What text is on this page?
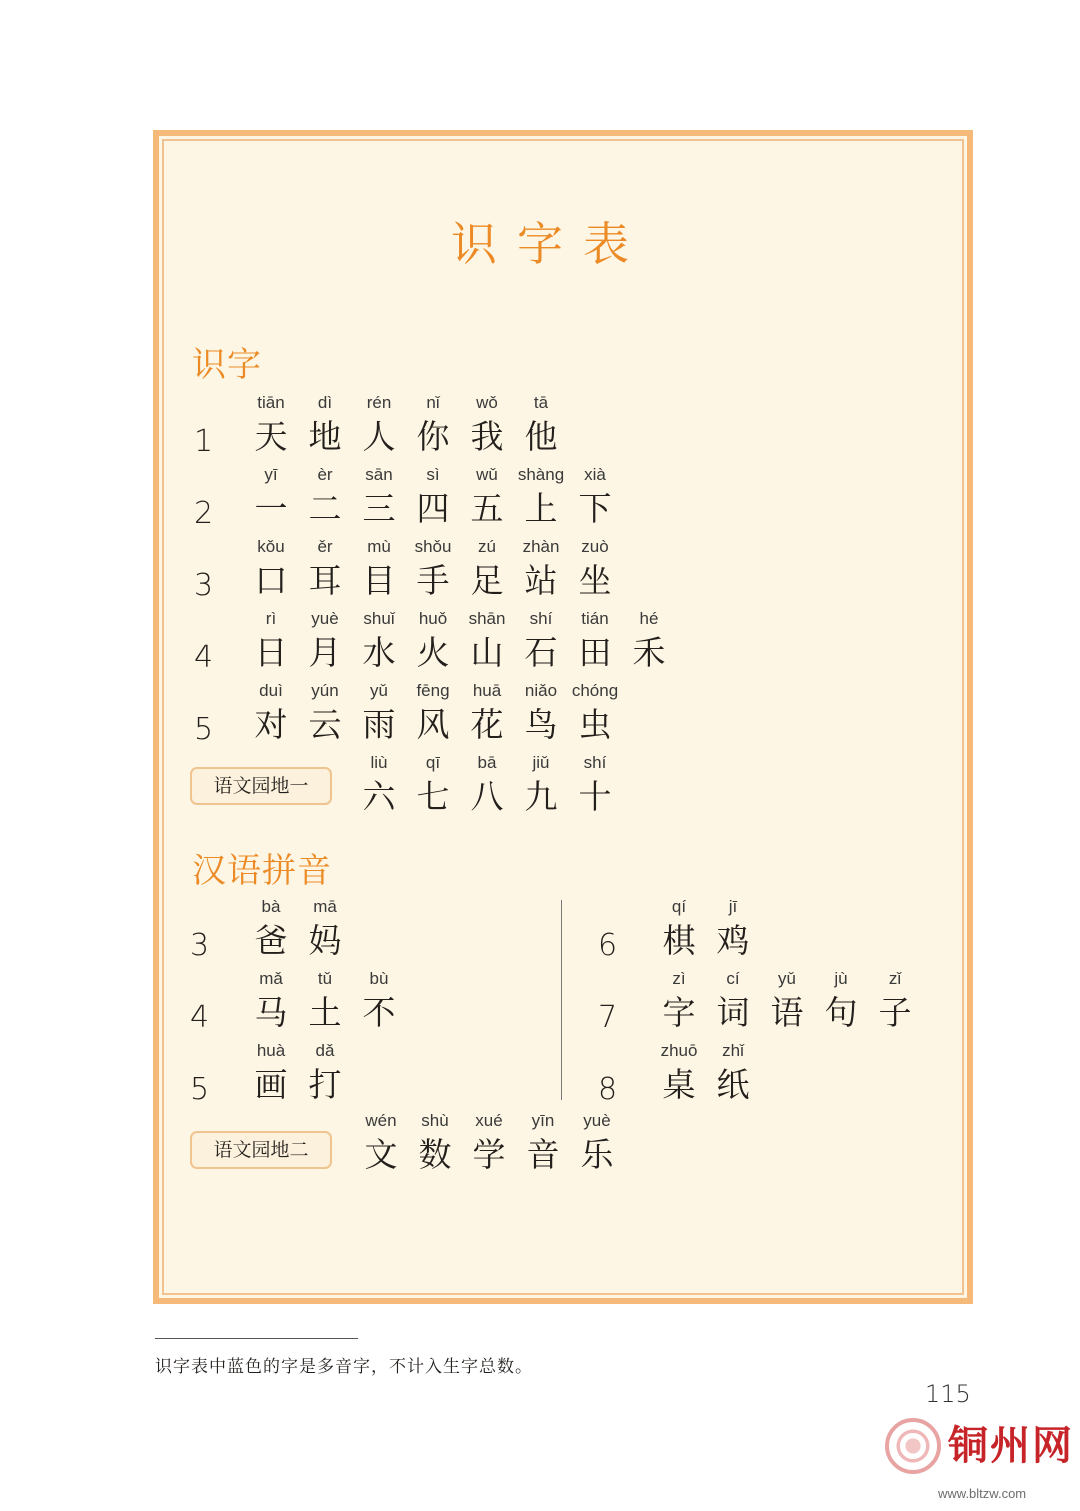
识字表
识字
1
tiān
天
dì
地
rén
人
nǐ
你
wǒ
我
tā
他
2
yī
一
èr
二
sān
三
sì
四
wǔ
五
shàng
上
xià
下
3
kǒu
口
ěr
耳
mù
目
shǒu
手
zú
足
zhàn
站
zuò
坐
4
rì
日
yuè
月
shuǐ
水
huǒ
火
shān
山
shí
石
tián
田
hé
禾
5
duì
对
yún
云
yǔ
雨
fēng
风
huā
花
niǎo
鸟
chóng
虫
liù
六
qī
七
bā
八
jiǔ
九
shí
十
语文园地一
汉语拼音
3
bà
爸
mā
妈
4
mǎ
马
tǔ
土
bù
不
5
huà
画
dǎ
打
6
qí
棋
jī
鸡
7
zì
字
cí
词
yǔ
语
jù
句
zǐ
子
8
zhuō
桌
zhǐ
纸
wén
文
shù
数
xué
学
yīn
音
yuè
乐
语文园地二
识字表中蓝色的字是多音字，不计入生字总数。
115
铜州网
www.bltzw.com
